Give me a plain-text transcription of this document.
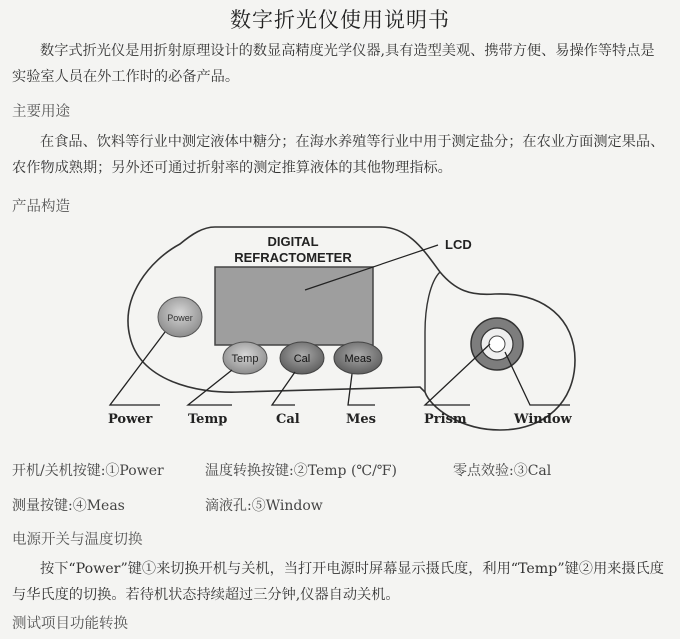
数字折光仪使用说明书

数字式折光仪是用折射原理设计的数显高精度光学仪器,具有造型美观、携带方便、易操作等特点是实验室人员在外工作时的必备产品。

主要用途

在食品、饮料等行业中测定液体中糖分；在海水养殖等行业中用于测定盐分；在农业方面测定果品、农作物成熟期；另外还可通过折射率的测定推算液体的其他物理指标。

产品构造
DIGITAL
REFRACTOMETER
LCD
Power
Temp	Cal	Meas
Power	Temp	Cal	Mes	Prism	Window
开机/关机按键:①Power	温度转换按键:②Temp (℃/℉)	零点效验:③Cal
测量按键:④Meas	滴液孔:⑤Window
电源开关与温度切换

按下“Power”键①来切换开机与关机，当打开电源时屏幕显示摄氏度，利用“Temp”键②用来摄氏度与华氏度的切换。若待机状态持续超过三分钟,仪器自动关机。

测试项目功能转换
